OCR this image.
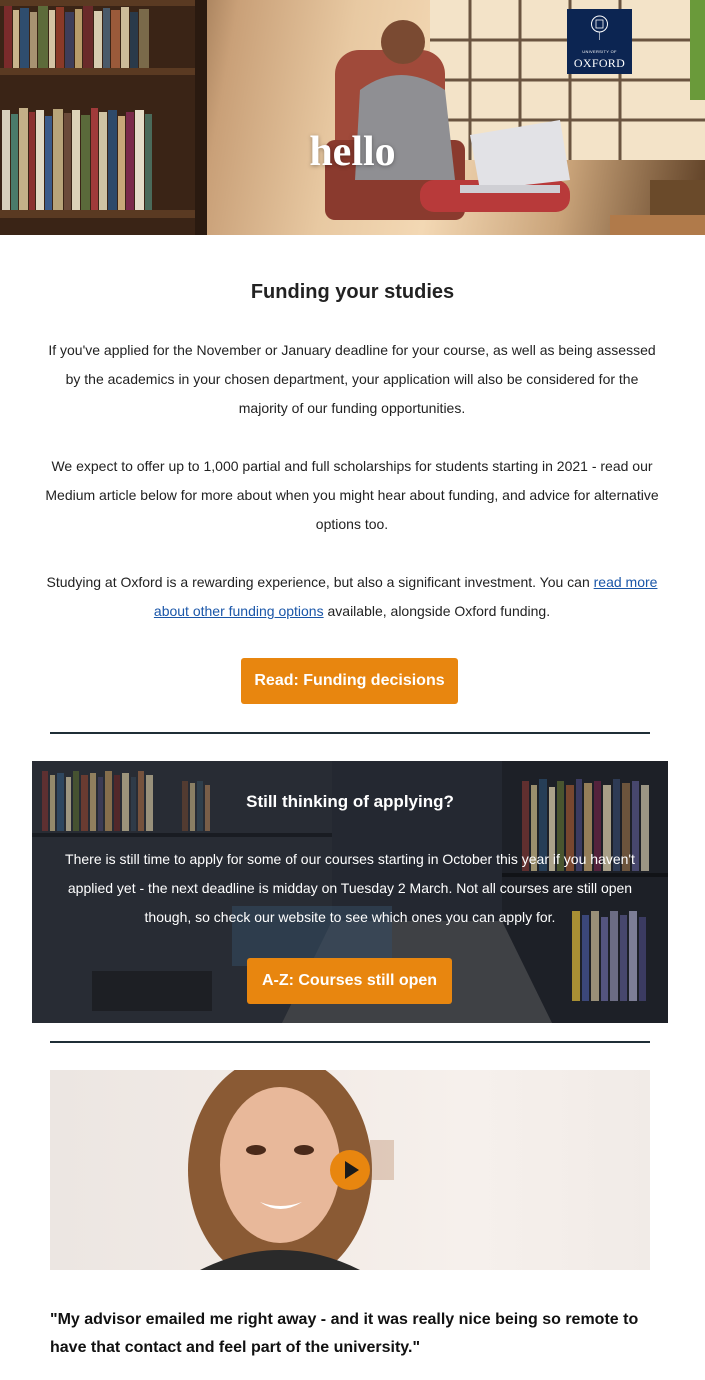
hello
UNIVERSITY OF
OXFORD
Funding your studies
If you've applied for the November or January deadline for your course, as well as being assessed by the academics in your chosen department, your application will also be considered for the majority of our funding opportunities.
We expect to offer up to 1,000 partial and full scholarships for students starting in 2021 - read our Medium article below for more about when you might hear about funding, and advice for alternative options too.
Studying at Oxford is a rewarding experience, but also a significant investment. You can read more about other funding options available, alongside Oxford funding.
Read: Funding decisions
Still thinking of applying?
There is still time to apply for some of our courses starting in October this year if you haven't applied yet - the next deadline is midday on Tuesday 2 March. Not all courses are still open though, so check our website to see which ones you can apply for.
A-Z: Courses still open
"My advisor emailed me right away - and it was really nice being so remote to have that contact and feel part of the university."
